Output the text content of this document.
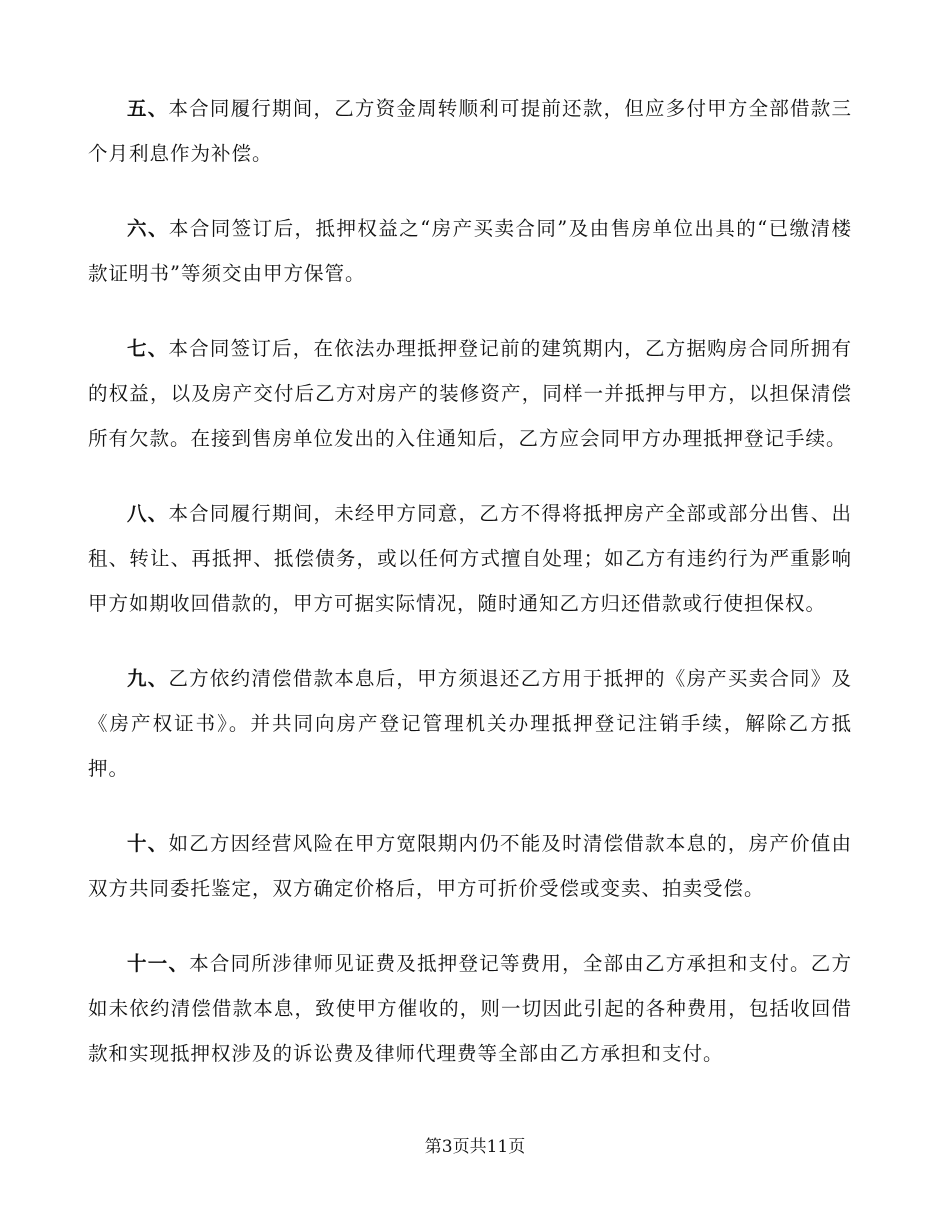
五、本合同履行期间，乙方资金周转顺利可提前还款，但应多付甲方全部借款三个月利息作为补偿。

六、本合同签订后，抵押权益之“房产买卖合同”及由售房单位出具的“已缴清楼款证明书”等须交由甲方保管。

七、本合同签订后，在依法办理抵押登记前的建筑期内，乙方据购房合同所拥有的权益，以及房产交付后乙方对房产的装修资产，同样一并抵押与甲方，以担保清偿所有欠款。在接到售房单位发出的入住通知后，乙方应会同甲方办理抵押登记手续。

八、本合同履行期间，未经甲方同意，乙方不得将抵押房产全部或部分出售、出租、转让、再抵押、抵偿债务，或以任何方式擅自处理；如乙方有违约行为严重影响甲方如期收回借款的，甲方可据实际情况，随时通知乙方归还借款或行使担保权。

九、乙方依约清偿借款本息后，甲方须退还乙方用于抵押的《房产买卖合同》及《房产权证书》。并共同向房产登记管理机关办理抵押登记注销手续，解除乙方抵押。

十、如乙方因经营风险在甲方宽限期内仍不能及时清偿借款本息的，房产价值由双方共同委托鉴定，双方确定价格后，甲方可折价受偿或变卖、拍卖受偿。

十一、本合同所涉律师见证费及抵押登记等费用，全部由乙方承担和支付。乙方如未依约清偿借款本息，致使甲方催收的，则一切因此引起的各种费用，包括收回借款和实现抵押权涉及的诉讼费及律师代理费等全部由乙方承担和支付。

第3页共11页
